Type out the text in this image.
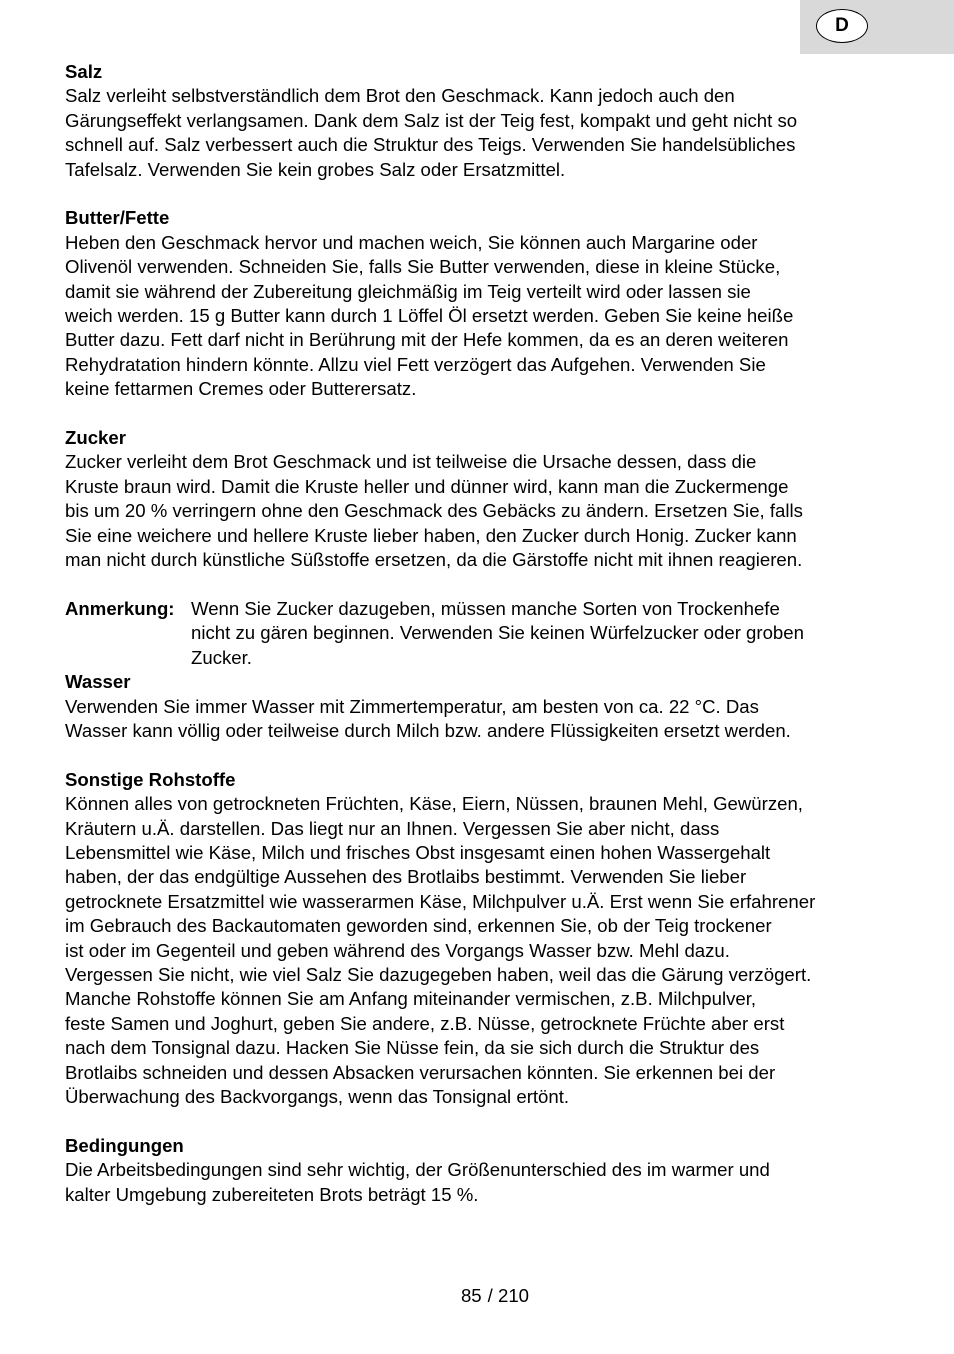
D
Salz
Salz verleiht selbstverständlich dem Brot den Geschmack. Kann jedoch auch den
Gärungseffekt verlangsamen. Dank dem Salz ist der Teig fest, kompakt und geht nicht so
schnell auf. Salz verbessert auch die Struktur des Teigs. Verwenden Sie handelsübliches
Tafelsalz. Verwenden Sie kein grobes Salz oder Ersatzmittel.
Butter/Fette
Heben den Geschmack hervor und machen weich, Sie können auch Margarine oder
Olivenöl verwenden. Schneiden Sie, falls Sie Butter verwenden, diese in kleine Stücke,
damit sie während der Zubereitung gleichmäßig im Teig verteilt wird oder lassen sie
weich werden. 15 g Butter kann durch 1 Löffel Öl ersetzt werden. Geben Sie keine heiße
Butter dazu. Fett darf nicht in Berührung mit der Hefe kommen, da es an deren weiteren
Rehydratation hindern könnte. Allzu viel Fett verzögert das Aufgehen. Verwenden Sie
keine fettarmen Cremes oder Butterersatz.
Zucker
Zucker verleiht dem Brot Geschmack und ist teilweise die Ursache dessen, dass die
Kruste braun wird. Damit die Kruste heller und dünner wird, kann man die Zuckermenge
bis um 20 % verringern ohne den Geschmack des Gebäcks zu ändern. Ersetzen Sie, falls
Sie eine weichere und hellere Kruste lieber haben, den Zucker durch Honig. Zucker kann
man nicht durch künstliche Süßstoffe ersetzen, da die Gärstoffe nicht mit ihnen reagieren.
Anmerkung: Wenn Sie Zucker dazugeben, müssen manche Sorten von Trockenhefe
nicht zu gären beginnen. Verwenden Sie keinen Würfelzucker oder groben
Zucker.
Wasser
Verwenden Sie immer Wasser mit Zimmertemperatur, am besten von ca. 22 °C. Das
Wasser kann völlig oder teilweise durch Milch bzw. andere Flüssigkeiten ersetzt werden.
Sonstige Rohstoffe
Können alles von getrockneten Früchten, Käse, Eiern, Nüssen, braunen Mehl, Gewürzen,
Kräutern u.Ä. darstellen. Das liegt nur an Ihnen. Vergessen Sie aber nicht, dass
Lebensmittel wie Käse, Milch und frisches Obst insgesamt einen hohen Wassergehalt
haben, der das endgültige Aussehen des Brotlaibs bestimmt. Verwenden Sie lieber
getrocknete Ersatzmittel wie wasserarmen Käse, Milchpulver u.Ä. Erst wenn Sie erfahrener
im Gebrauch des Backautomaten geworden sind, erkennen Sie, ob der Teig trockener
ist oder im Gegenteil und geben während des Vorgangs Wasser bzw. Mehl dazu.
Vergessen Sie nicht, wie viel Salz Sie dazugegeben haben, weil das die Gärung verzögert.
Manche Rohstoffe können Sie am Anfang miteinander vermischen, z.B. Milchpulver,
feste Samen und Joghurt, geben Sie andere, z.B. Nüsse, getrocknete Früchte aber erst
nach dem Tonsignal dazu. Hacken Sie Nüsse fein, da sie sich durch die Struktur des
Brotlaibs schneiden und dessen Absacken verursachen könnten. Sie erkennen bei der
Überwachung des Backvorgangs, wenn das Tonsignal ertönt.
Bedingungen
Die Arbeitsbedingungen sind sehr wichtig, der Größenunterschied des im warmer und
kalter Umgebung zubereiteten Brots beträgt 15 %.
85 / 210
